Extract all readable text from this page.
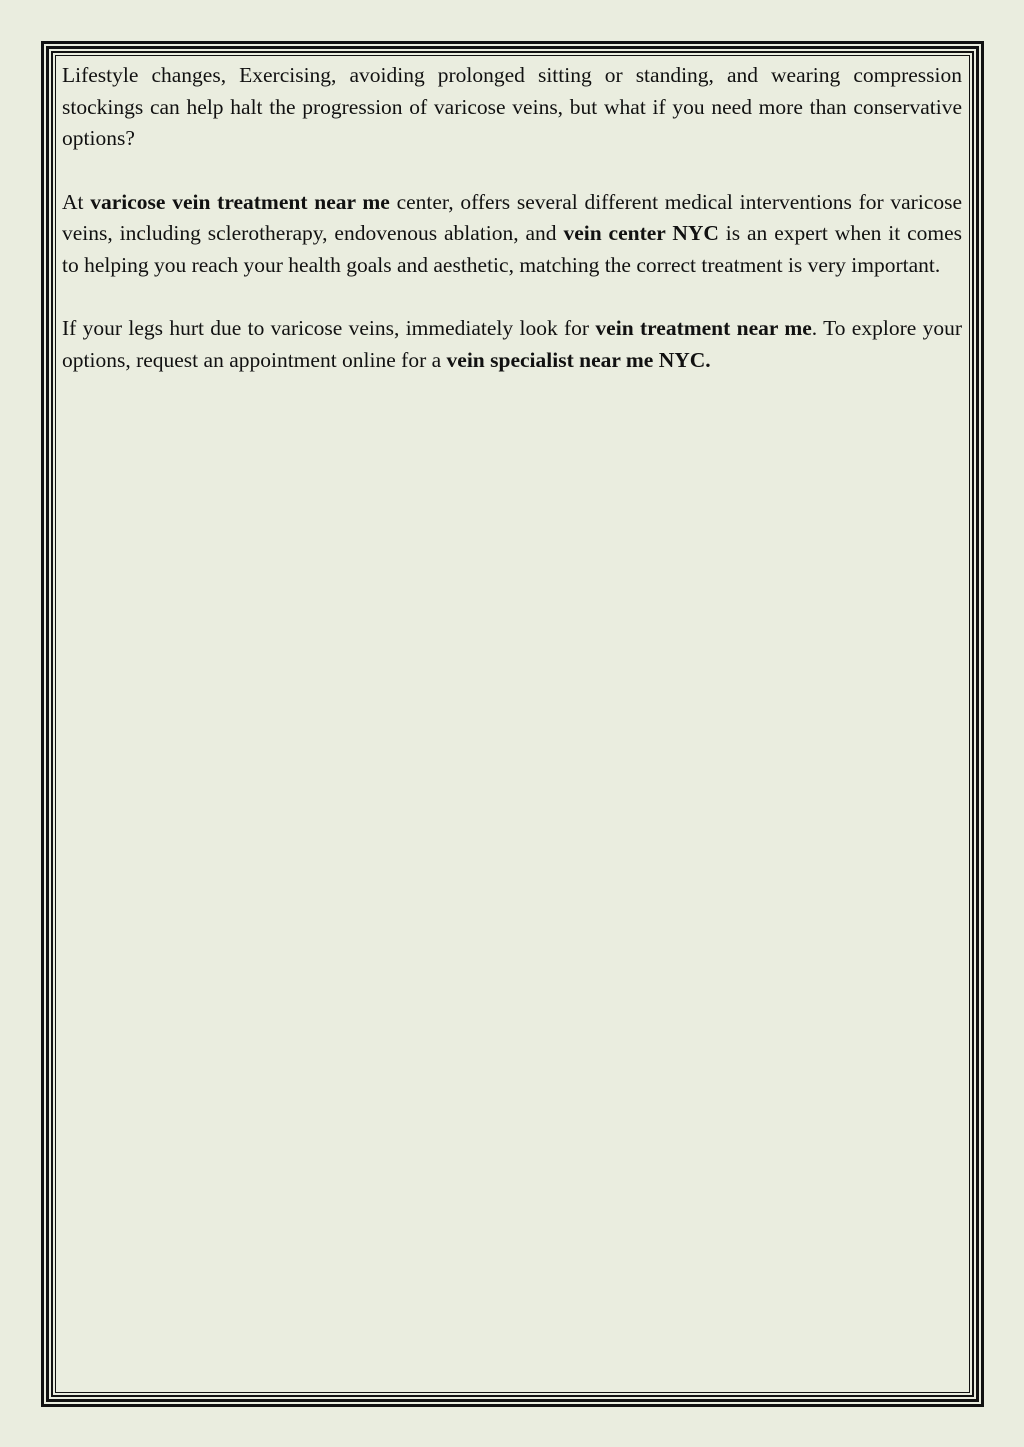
Lifestyle changes, Exercising, avoiding prolonged sitting or standing, and wearing compression stockings can help halt the progression of varicose veins, but what if you need more than conservative options?

At varicose vein treatment near me center, offers several different medical interventions for varicose veins, including sclerotherapy, endovenous ablation, and vein center NYC is an expert when it comes to helping you reach your health goals and aesthetic, matching the correct treatment is very important.

If your legs hurt due to varicose veins, immediately look for vein treatment near me. To explore your options, request an appointment online for a vein specialist near me NYC.
